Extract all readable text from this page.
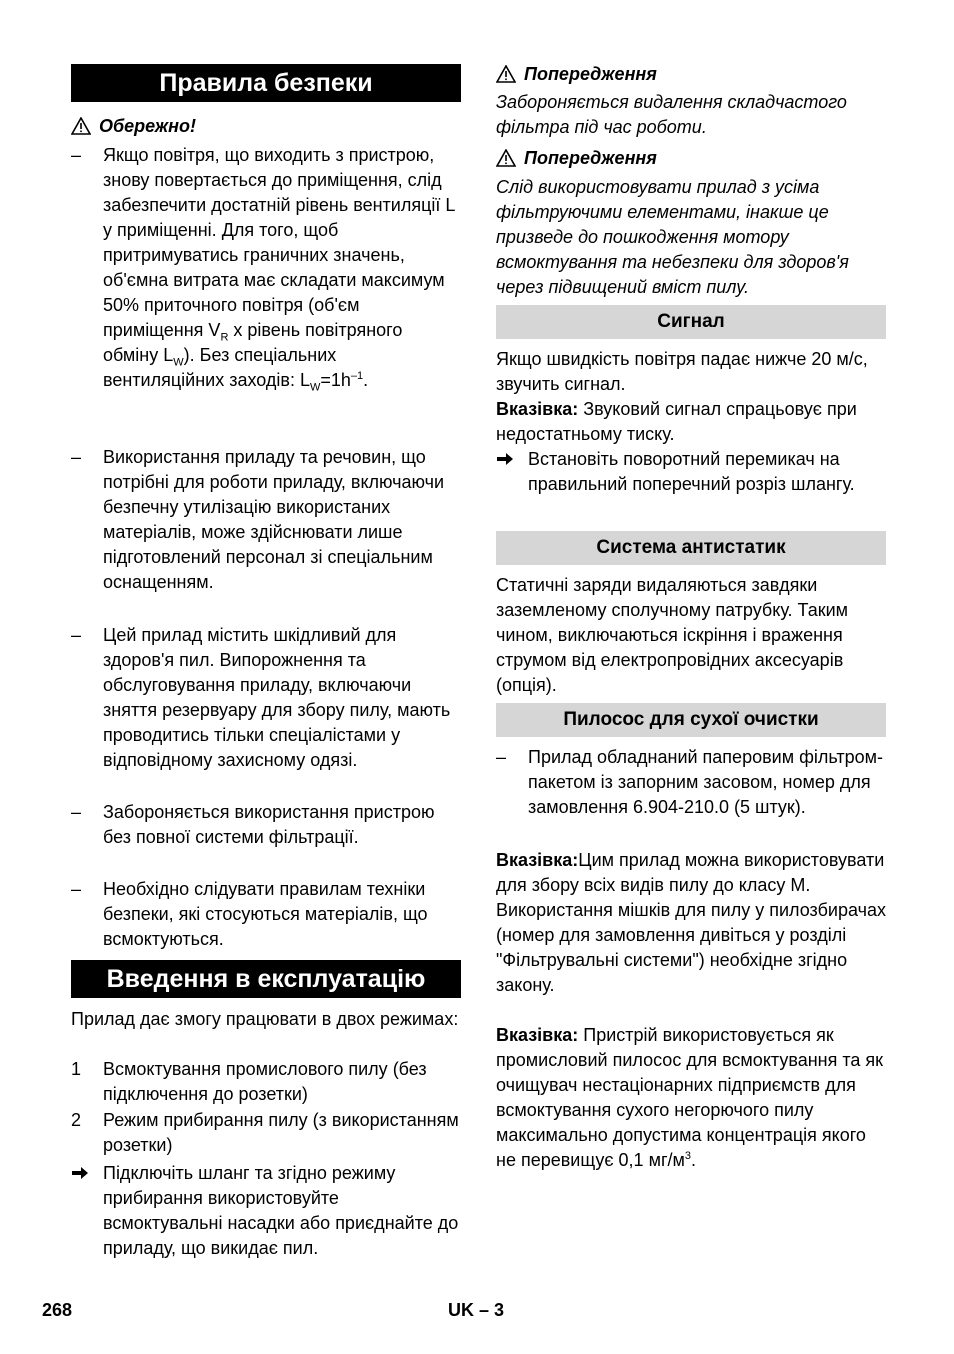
Правила безпеки
Обережно!
–	Якщо повітря, що виходить з пристрою, знову повертається до приміщення, слід забезпечити достатній рівень вентиляції L у приміщенні. Для того, щоб притримуватись граничних значень, об'ємна витрата має складати максимум 50% приточного повітря (об'єм приміщення $V_R$ x рівень повітряного обміну $L_W$). Без спеціальних вентиляційних заходів: $L_W=1h^{-1}$.
–	Використання приладу та речовин, що потрібні для роботи приладу, включаючи безпечну утилізацію використаних матеріалів, може здійснювати лише підготовлений персонал зі спеціальним оснащенням.
–	Цей прилад містить шкідливий для здоров'я пил. Випорожнення та обслуговування приладу, включаючи зняття резервуару для збору пилу, мають проводитись тільки спеціалістами у відповідному захисному одязі.
–	Забороняється використання пристрою без повної системи фільтрації.
–	Необхідно слідувати правилам техніки безпеки, які стосуються матеріалів, що всмоктуються.
Введення в експлуатацію
Прилад дає змогу працювати в двох режимах:
1	Всмоктування промислового пилу (без підключення до розетки)
2	Режим прибирання пилу (з використанням розетки)
Підключіть шланг та згідно режиму прибирання використовуйте всмоктувальні насадки або приєднайте до приладу, що викидає пил.
Попередження
Забороняється видалення складчастого фільтра під час роботи.
Попередження
Слід використовувати прилад з усіма фільтруючими елементами, інакше це призведе до пошкодження мотору всмоктування та небезпеки для здоров'я через підвищений вміст пилу.
Сигнал
Якщо швидкість повітря падає нижче 20 м/с, звучить сигнал.
Вказівка: Звуковий сигнал спрацьовує при недостатньому тиску.
Встановіть поворотний перемикач на правильний поперечний розріз шлангу.
Система антистатик
Статичні заряди видаляються завдяки заземленому сполучному патрубку. Таким чином, виключаються іскріння і враження струмом від електропровідних аксесуарів (опція).
Пилосос для сухої очистки
–	Прилад обладнаний паперовим фільтром-пакетом із запорним засовом, номер для замовлення 6.904-210.0 (5 штук).
Вказівка:Цим прилад можна використовувати для збору всіх видів пилу до класу M. Використання мішків для пилу у пилозбирачах (номер для замовлення дивіться у розділі "Фільтрувальні системи") необхідне згідно закону.
Вказівка: Пристрій використовується як промисловий пилосос для всмоктування та як очищувач нестаціонарних підприємств для всмоктування сухого негорючого пилу максимально допустима концентрація якого не перевищує 0,1 $мг/м^3$.
268	UK – 3
